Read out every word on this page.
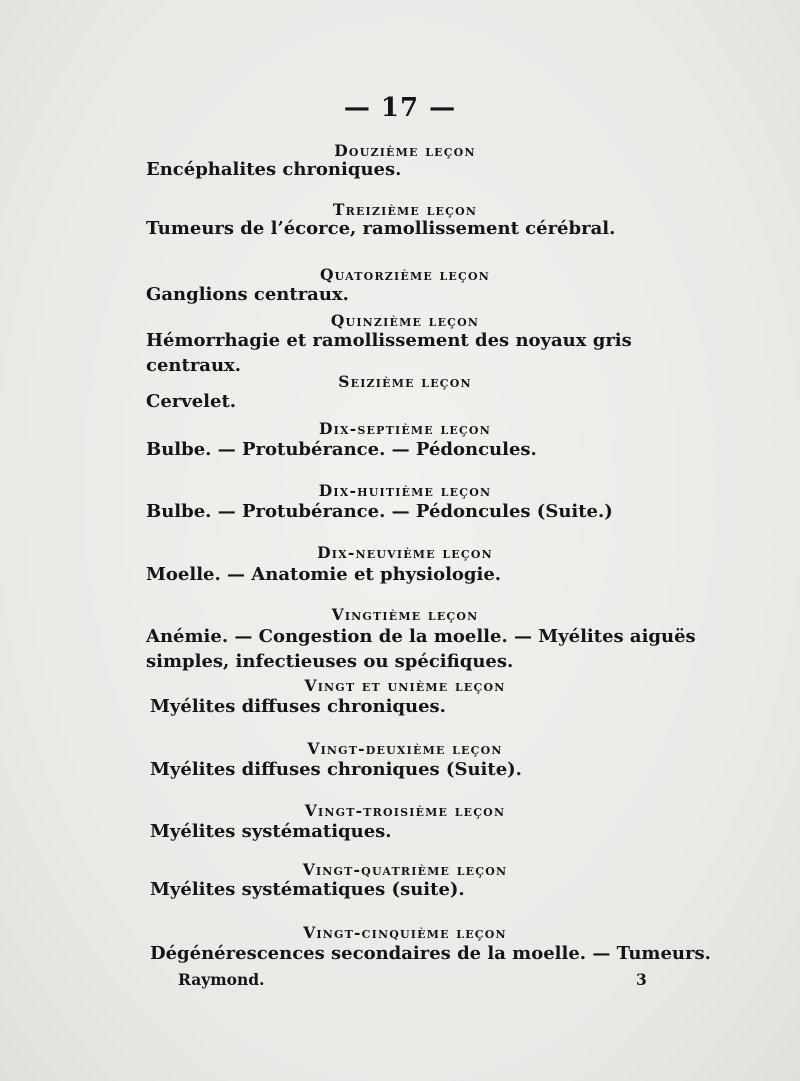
— 17 —
Douzième leçon
Encéphalites chroniques.
Treizième leçon
Tumeurs de l’écorce, ramollissement cérébral.
Quatorzième leçon
Ganglions centraux.
Quinzième leçon
Hémorrhagie et ramollissement des noyaux gris centraux.
Seizième leçon
Cervelet.
Dix-septième leçon
Bulbe. — Protubérance. — Pédoncules.
Dix-huitième leçon
Bulbe. — Protubérance. — Pédoncules (Suite.)
Dix-neuvième leçon
Moelle. — Anatomie et physiologie.
Vingtième leçon
Anémie. — Congestion de la moelle. — Myélites aiguës simples, infectieuses ou spécifiques.
Vingt et unième leçon
Myélites diffuses chroniques.
Vingt-deuxième leçon
Myélites diffuses chroniques (Suite).
Vingt-troisième leçon
Myélites systématiques.
Vingt-quatrième leçon
Myélites systématiques (suite).
Vingt-cinquième leçon
Dégénérescences secondaires de la moelle. — Tumeurs.
Raymond.	3
